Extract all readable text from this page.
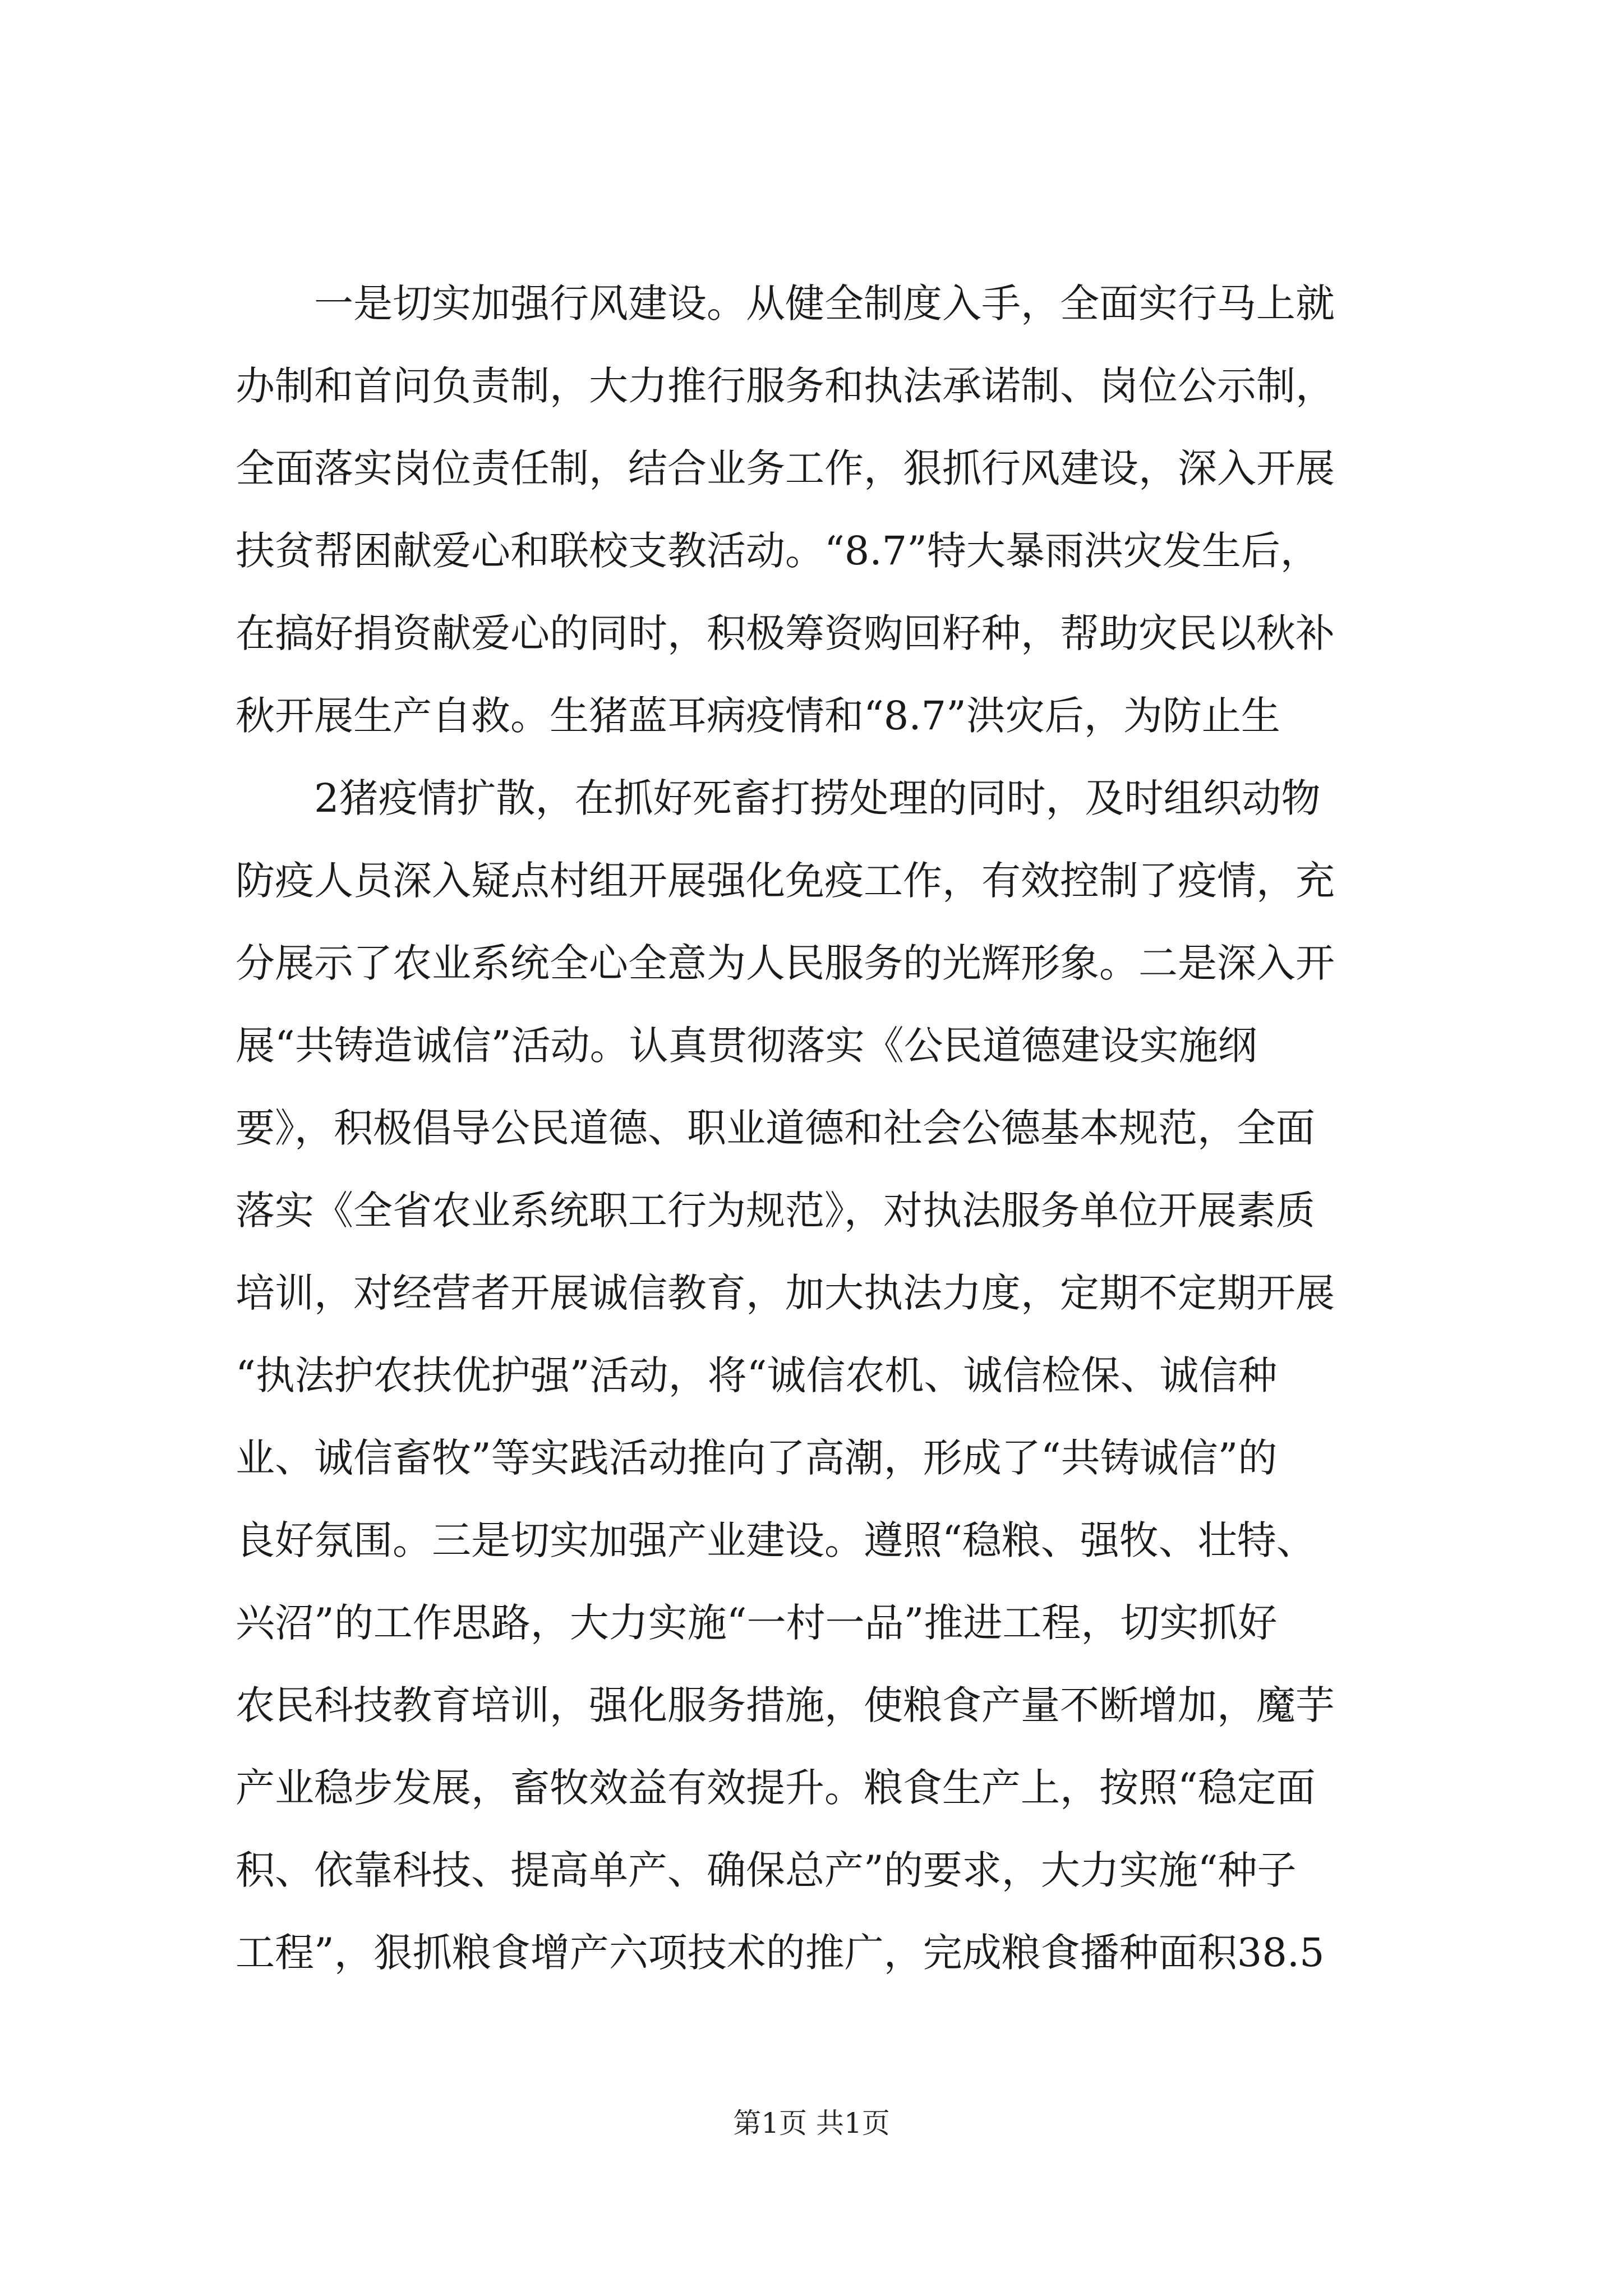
一是切实加强行风建设。从健全制度入手，全面实行马上就
办制和首问负责制，大力推行服务和执法承诺制、岗位公示制，
全面落实岗位责任制，结合业务工作，狠抓行风建设，深入开展
扶贫帮困献爱心和联校支教活动。“8.7”特大暴雨洪灾发生后，
在搞好捐资献爱心的同时，积极筹资购回籽种，帮助灾民以秋补
秋开展生产自救。生猪蓝耳病疫情和“8.7”洪灾后，为防止生
2猪疫情扩散，在抓好死畜打捞处理的同时，及时组织动物
防疫人员深入疑点村组开展强化免疫工作，有效控制了疫情，充
分展示了农业系统全心全意为人民服务的光辉形象。二是深入开
展“共铸造诚信”活动。认真贯彻落实《公民道德建设实施纲
要》，积极倡导公民道德、职业道德和社会公德基本规范，全面
落实《全省农业系统职工行为规范》，对执法服务单位开展素质
培训，对经营者开展诚信教育，加大执法力度，定期不定期开展
“执法护农扶优护强”活动，将“诚信农机、诚信检保、诚信种
业、诚信畜牧”等实践活动推向了高潮，形成了“共铸诚信”的
良好氛围。三是切实加强产业建设。遵照“稳粮、强牧、壮特、
兴沼”的工作思路，大力实施“一村一品”推进工程，切实抓好
农民科技教育培训，强化服务措施，使粮食产量不断增加，魔芋
产业稳步发展，畜牧效益有效提升。粮食生产上，按照“稳定面
积、依靠科技、提高单产、确保总产”的要求，大力实施“种子
工程”，狠抓粮食增产六项技术的推广，完成粮食播种面积38.5
第1页 共1页
